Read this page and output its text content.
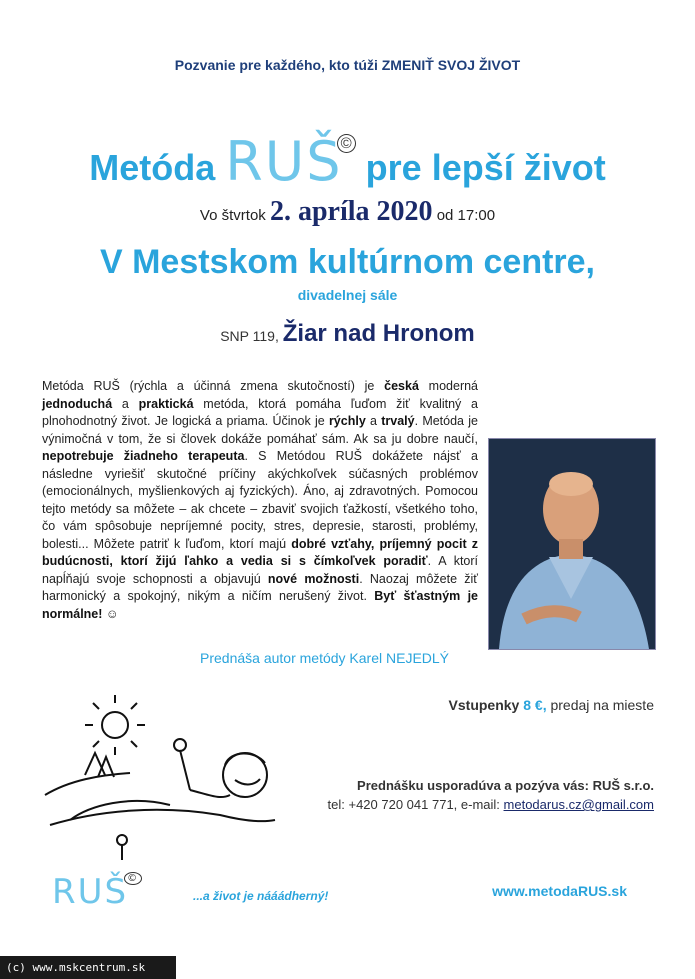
Pozvanie pre každého, kto túži ZMENIŤ SVOJ ŽIVOT
Metóda RUŠ© pre lepší život
Vo štvrtok 2. apríla 2020 od 17:00
V Mestskom kultúrnom centre,
divadelnej sále
SNP 119, Žiar nad Hronom
Metóda RUŠ (rýchla a účinná zmena skutočností) je česká moderná jednoduchá a praktická metóda, ktorá pomáha ľuďom žiť kvalitný a plnohodnotný život. Je logická a priama. Účinok je rýchly a trvalý. Metóda je výnimočná v tom, že si človek dokáže pomáhať sám. Ak sa ju dobre naučí, nepotrebuje žiadneho terapeuta. S Metódou RUŠ dokážete nájsť a následne vyriešiť skutočné príčiny akýchkoľvek súčasných problémov (emocionálnych, myšlienkových aj fyzických). Áno, aj zdravotných. Pomocou tejto metódy sa môžete – ak chcete – zbaviť svojich ťažkostí, všetkého toho, čo vám spôsobuje nepríjemné pocity, stres, depresie, starosti, problémy, bolesti... Môžete patriť k ľuďom, ktorí majú dobré vzťahy, príjemný pocit z budúcnosti, ktorí žijú ľahko a vedia si s čímkoľvek poradiť. A ktorí napĺňajú svoje schopnosti a objavujú nové možnosti. Naozaj môžete žiť harmonický a spokojný, nikým a ničím nerušený život. Byť šťastným je normálne! ☺
Prednáša autor metódy Karel NEJEDLÝ
Vstupenky 8 €, predaj na mieste
Prednášku usporadúva a pozýva vás: RUŠ s.r.o.
tel: +420 720 041 771, e-mail: metodarus.cz@gmail.com
RUŠ©
...a život je nááádherný!	www.metodaRUS.sk
(c) www.mskcentrum.sk
